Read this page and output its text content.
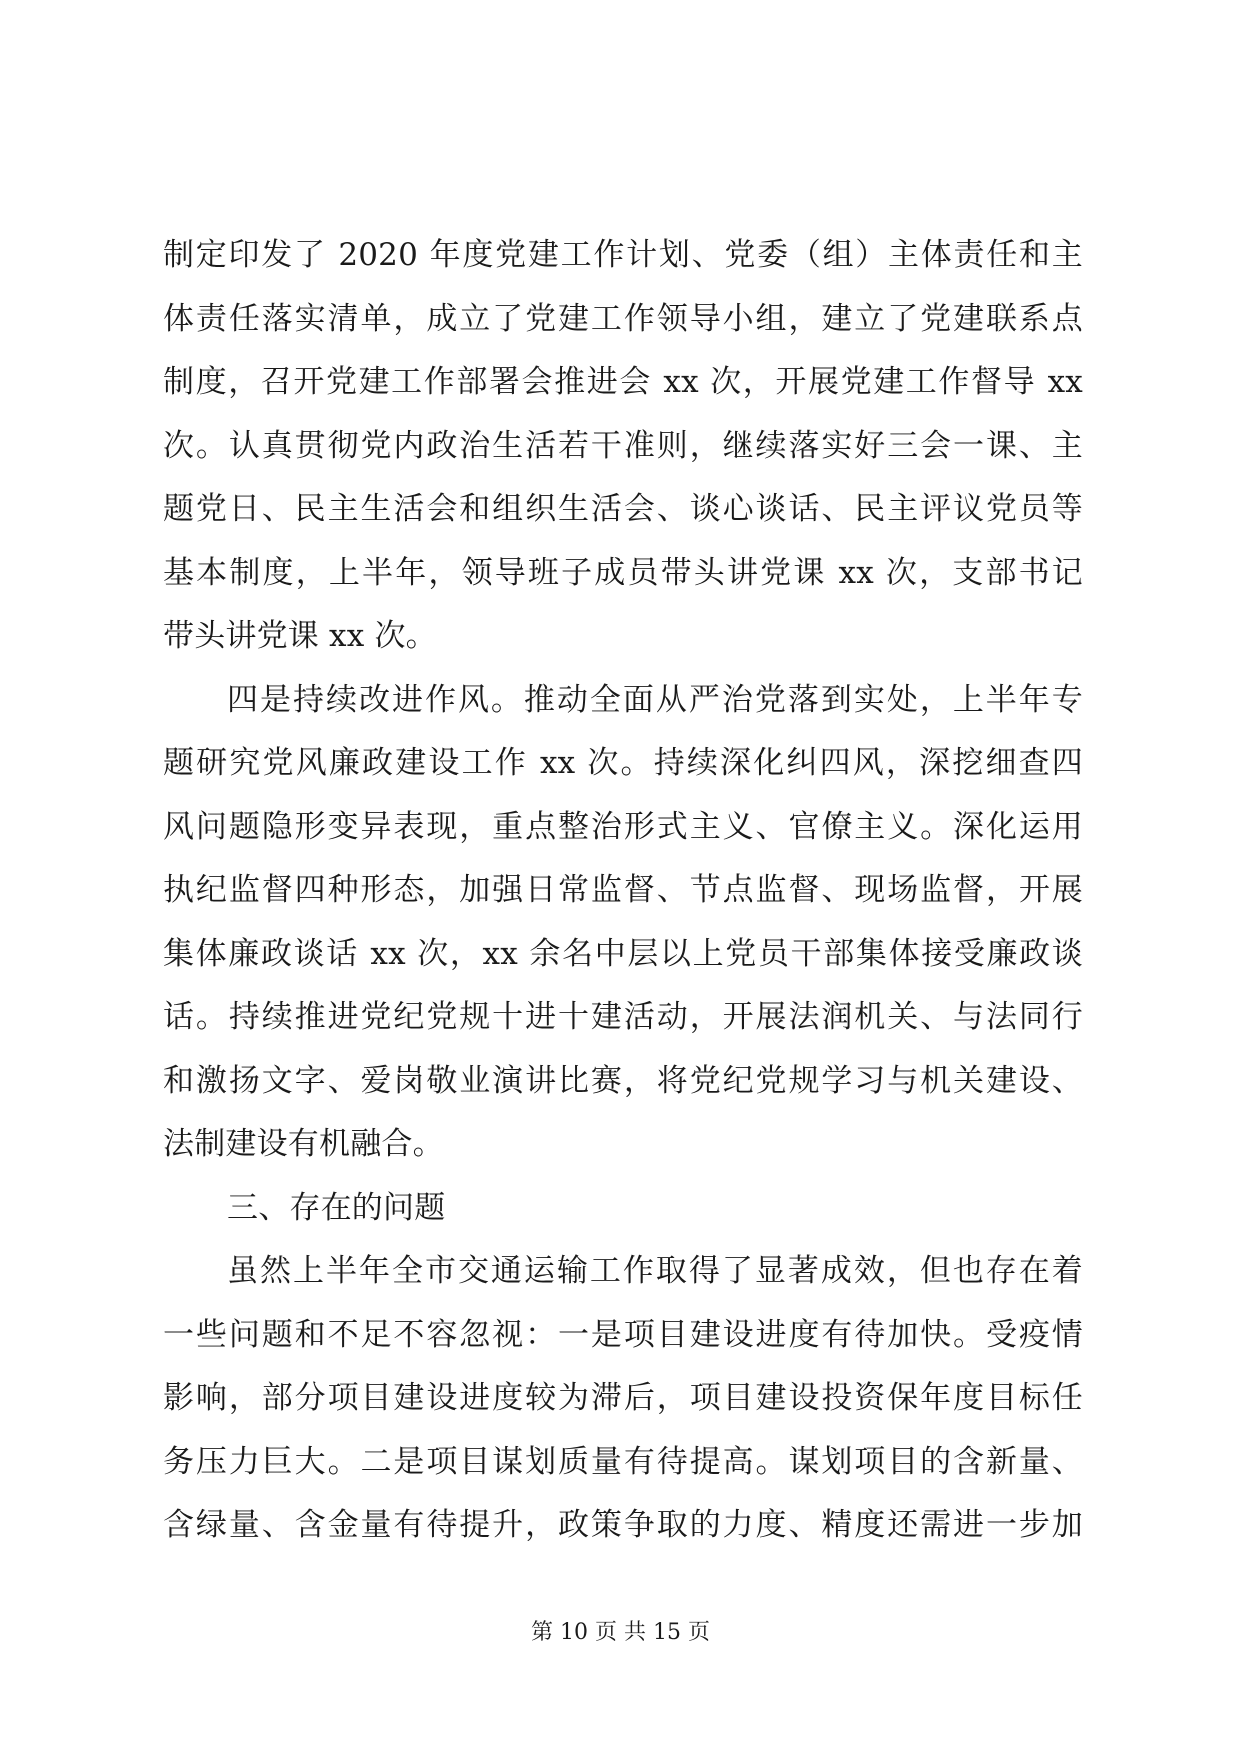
制定印发了 2020 年度党建工作计划、党委（组）主体责任和主
体责任落实清单，成立了党建工作领导小组，建立了党建联系点
制度，召开党建工作部署会推进会 xx 次，开展党建工作督导 xx
次。认真贯彻党内政治生活若干准则，继续落实好三会一课、主
题党日、民主生活会和组织生活会、谈心谈话、民主评议党员等
基本制度，上半年，领导班子成员带头讲党课 xx 次，支部书记
带头讲党课 xx 次。
四是持续改进作风。推动全面从严治党落到实处，上半年专
题研究党风廉政建设工作 xx 次。持续深化纠四风，深挖细查四
风问题隐形变异表现，重点整治形式主义、官僚主义。深化运用
执纪监督四种形态，加强日常监督、节点监督、现场监督，开展
集体廉政谈话 xx 次，xx 余名中层以上党员干部集体接受廉政谈
话。持续推进党纪党规十进十建活动，开展法润机关、与法同行
和激扬文字、爱岗敬业演讲比赛，将党纪党规学习与机关建设、
法制建设有机融合。
三、存在的问题
虽然上半年全市交通运输工作取得了显著成效，但也存在着
一些问题和不足不容忽视：一是项目建设进度有待加快。受疫情
影响，部分项目建设进度较为滞后，项目建设投资保年度目标任
务压力巨大。二是项目谋划质量有待提高。谋划项目的含新量、
含绿量、含金量有待提升，政策争取的力度、精度还需进一步加
第 10 页 共 15 页
